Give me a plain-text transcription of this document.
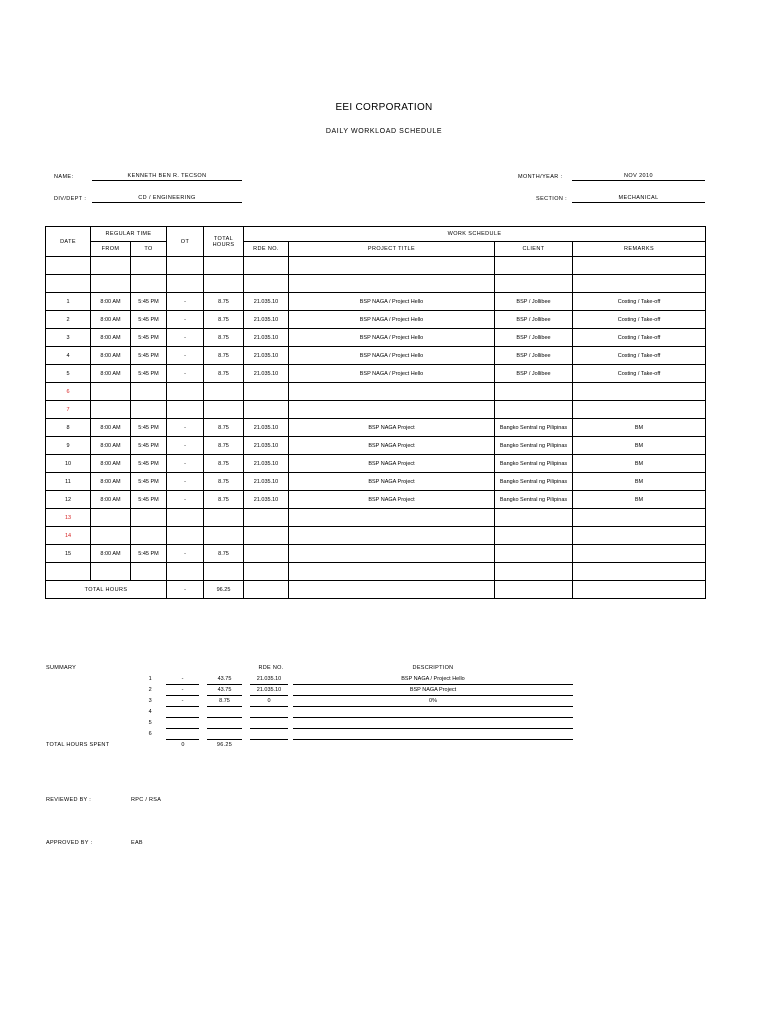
EEI CORPORATION
DAILY WORKLOAD SCHEDULE
NAME:	KENNETH BEN R. TECSON
DIV/DEPT :	CD / ENGINEERING
MONTH/YEAR :	NOV 2010
SECTION :	MECHANICAL
DATE	REGULAR TIME		OT	TOTAL HOURS	WORK SCHEDULE			
	FROM	TO			RDE NO.	PROJECT TITLE	CLIENT	REMARKS

1	8:00 AM	5:45 PM	-	8.75	21.035.10	BSP NAGA / Project Hello	BSP / Jollibee	Costing / Take-off
2	8:00 AM	5:45 PM	-	8.75	21.035.10	BSP NAGA / Project Hello	BSP / Jollibee	Costing / Take-off
3	8:00 AM	5:45 PM	-	8.75	21.035.10	BSP NAGA / Project Hello	BSP / Jollibee	Costing / Take-off
4	8:00 AM	5:45 PM	-	8.75	21.035.10	BSP NAGA / Project Hello	BSP / Jollibee	Costing / Take-off
5	8:00 AM	5:45 PM	-	8.75	21.035.10	BSP NAGA / Project Hello	BSP / Jollibee	Costing / Take-off
6								
7								
8	8:00 AM	5:45 PM	-	8.75	21.035.10	BSP NAGA Project	Bangko Sentral ng Pilipinas	BM
9	8:00 AM	5:45 PM	-	8.75	21.035.10	BSP NAGA Project	Bangko Sentral ng Pilipinas	BM
10	8:00 AM	5:45 PM	-	8.75	21.035.10	BSP NAGA Project	Bangko Sentral ng Pilipinas	BM
11	8:00 AM	5:45 PM	-	8.75	21.035.10	BSP NAGA Project	Bangko Sentral ng Pilipinas	BM
12	8:00 AM	5:45 PM	-	8.75	21.035.10	BSP NAGA Project	Bangko Sentral ng Pilipinas	BM
13								
14								
15	8:00 AM	5:45 PM	-	8.75				

TOTAL HOURS			-	96.25				
SUMMARY	RDE NO.	DESCRIPTION
1	-	43.75	21.035.10	BSP NAGA / Project Hello
2	-	43.75	21.035.10	BSP NAGA Project
3	-	8.75	0	0%
4
5
6
TOTAL HOURS SPENT	0	96.25
REVIEWED BY :	RPC / RSA
APPROVED BY :	EAB
